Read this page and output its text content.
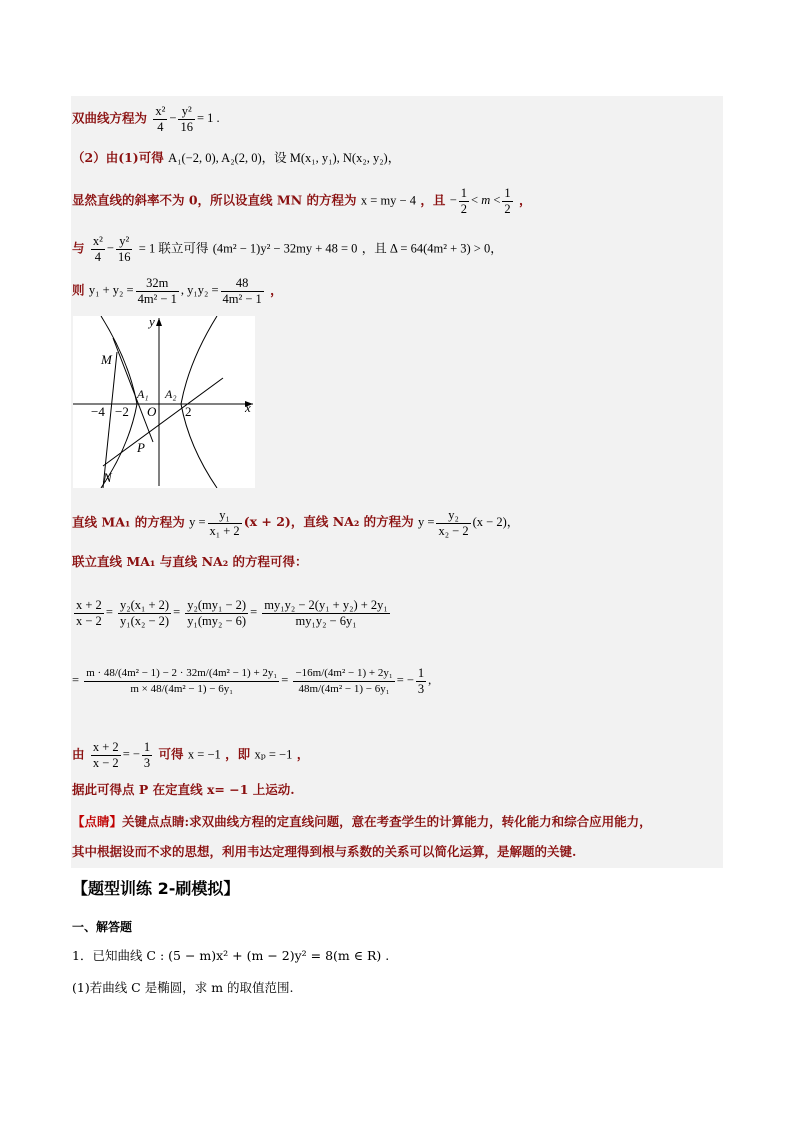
双曲线方程为 $\frac{\text{x²}}{4} - \frac{\text{y²}}{16} = 1$ .
（2）由(1)可得 A₁(−2, 0), A₂(2, 0)，设 M(x₁, y₁), N(x₂, y₂)，
显然直线的斜率不为 0，所以设直线 MN 的方程为 x = my − 4 ，且 − $\frac{1}{2} < m < \frac{1}{2}$ ，
与 $\frac{\text{x²}}{4} - \frac{\text{y²}}{16} = 1$ 联立可得 (4m² − 1)y² − 32my + 48 = 0 ，且 Δ = 64(4m² + 3) > 0，
则 $y_1 + y_2 = \frac{32m}{\text{4m² − 1}}$ , $y_1y_2 = \frac{48}{\text{4m² − 1}}$ ，
y
x
M
N
P
A₁ A₂
O
−4 −2	2
直线 MA₁ 的方程为 $y = \frac{\text{y₁}}{\text{x₁ + 2}} (x + 2)$，直线 NA₂ 的方程为 $y = \frac{\text{y₂}}{\text{x₂ − 2}} (x - 2)$，
联立直线 MA₁ 与直线 NA₂ 的方程可得：
$\frac{x + 2}{x - 2} = \frac{\text{y₂(x₁ + 2)}}{\text{y₁(x₂ − 2)}} = \frac{\text{y₂(my₁ − 2)}}{\text{y₁(my₂ − 6)}} = \frac{\text{my₁y₂ − 2(y₁ + y₂) + 2y₁}}{\text{my₁y₂ − 6y₁}}$
= $\frac{\text{m · 48/(4m² − 1) − 2 · 32m/(4m² − 1) + 2y₁}}{\text{m × 48/(4m² − 1) − 6y₁}} = \frac{\text{−16m/(4m² − 1) + 2y₁}}{\text{48m/(4m² − 1) − 6y₁}}$ = − $\frac{1}{3}$ ,
由 $\frac{x + 2}{x - 2}$ = − $\frac{1}{3}$ 可得 x = −1 ，即 xₚ = −1 ，
据此可得点 P 在定直线 x= −1 上运动.
【点睛】关键点点睛:求双曲线方程的定直线问题，意在考查学生的计算能力，转化能力和综合应用能力，
其中根据设而不求的思想，利用韦达定理得到根与系数的关系可以简化运算，是解题的关键.
【题型训练 2-刷模拟】
一、解答题
1．已知曲线 C : (5 − m)x² + (m − 2)y² = 8(m ∈ R) .
(1)若曲线 C 是椭圆，求 m 的取值范围.
